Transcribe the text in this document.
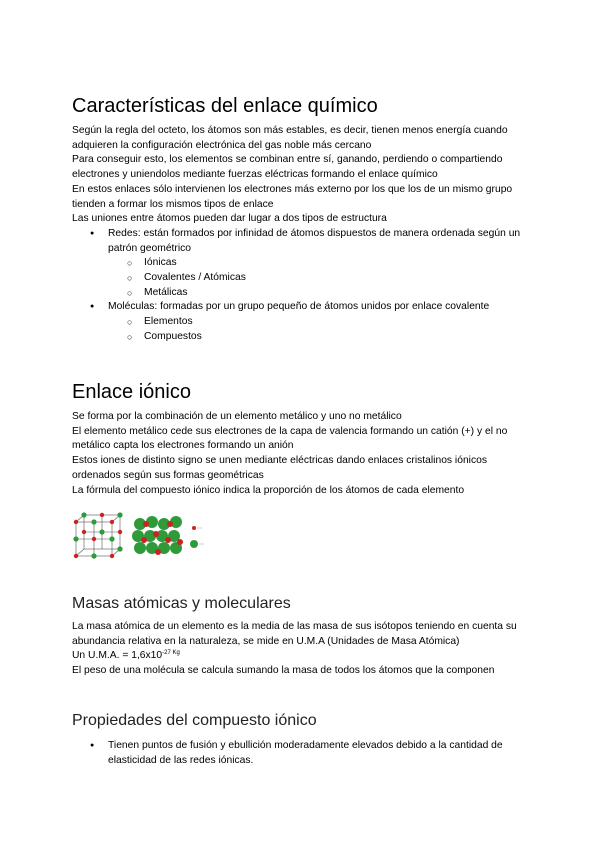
Características del enlace químico

Según la regla del octeto, los átomos son más estables, es decir, tienen menos energía cuando adquieren la configuración electrónica del gas noble más cercano

Para conseguir esto, los elementos se combinan entre sí, ganando, perdiendo o compartiendo electrones y uniendolos mediante fuerzas eléctricas formando el enlace químico

En estos enlaces sólo intervienen los electrones más externo por los que los de un mismo grupo tienden a formar los mismos tipos de enlace

Las uniones entre átomos pueden dar lugar a dos tipos de estructura

● Redes: están formados por infinidad de átomos dispuestos de manera ordenada según un patrón geométrico
○ Iónicas
○ Covalentes / Atómicas
○ Metálicas
● Moléculas: formadas por un grupo pequeño de átomos unidos por enlace covalente
○ Elementos
○ Compuestos
Enlace iónico

Se forma por la combinación de un elemento metálico y uno no metálico

El elemento metálico cede sus electrones de la capa de valencia formando un catión (+) y el no metálico capta los electrones formando un anión

Estos iones de distinto signo se unen mediante eléctricas dando enlaces cristalinos iónicos ordenados según sus formas geométricas

La fórmula del compuesto iónico indica la proporción de los átomos de cada elemento

Masas atómicas y moleculares

La masa atómica de un elemento es la media de las masa de sus isótopos teniendo en cuenta su abundancia relativa en la naturaleza, se mide en U.M.A (Unidades de Masa Atómica)

Un U.M.A. = $1,6x10^{-27 Kg}$

El peso de una molécula se calcula sumando la masa de todos los átomos que la componen

Propiedades del compuesto iónico
● Tienen puntos de fusión y ebullición moderadamente elevados debido a la cantidad de elasticidad de las redes iónicas.
